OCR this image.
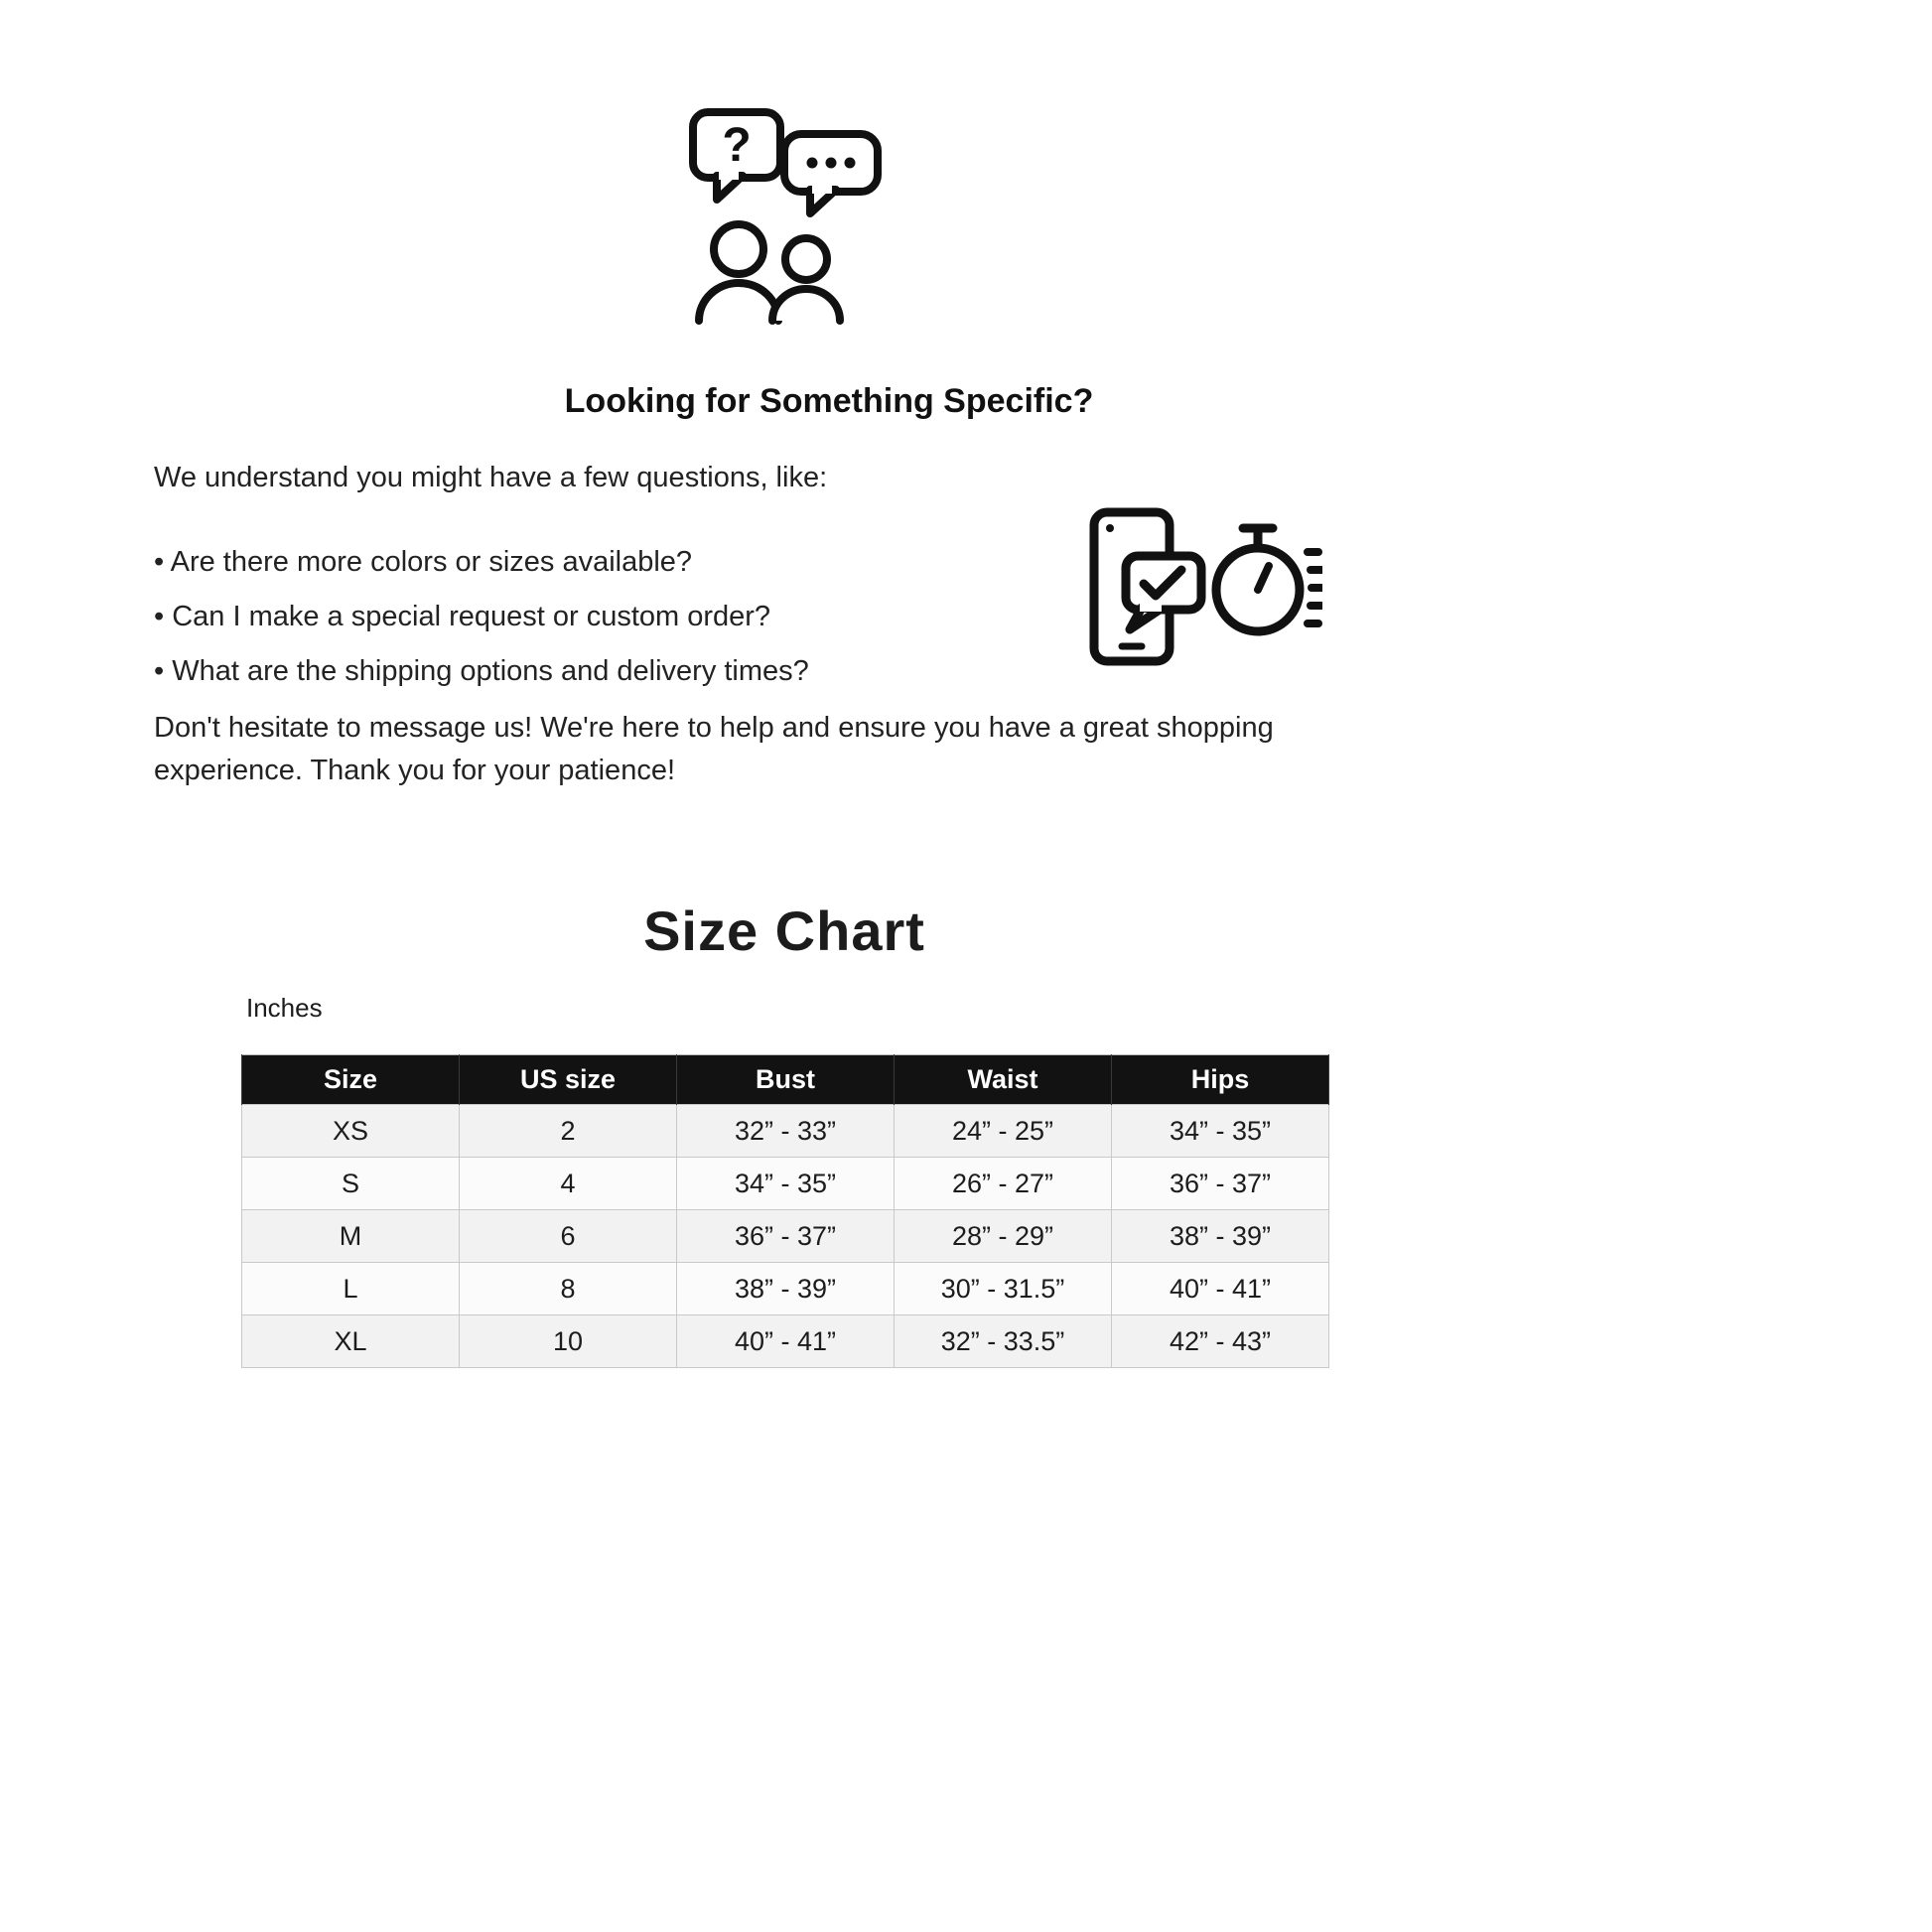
?
Looking for Something Specific?

We understand you might have a few questions, like:

• Are there more colors or sizes available?

• Can I make a special request or custom order?

• What are the shipping options and delivery times?

Don't hesitate to message us! We're here to help and ensure you have a great shopping experience. Thank you for your patience!

Size Chart
Inches
Size	US size	Bust	Waist	Hips
XS	2	32” - 33”	24” - 25”	34” - 35”
S	4	34” - 35”	26” - 27”	36” - 37”
M	6	36” - 37”	28” - 29”	38” - 39”
L	8	38” - 39”	30” - 31.5”	40” - 41”
XL	10	40” - 41”	32” - 33.5”	42” - 43”
